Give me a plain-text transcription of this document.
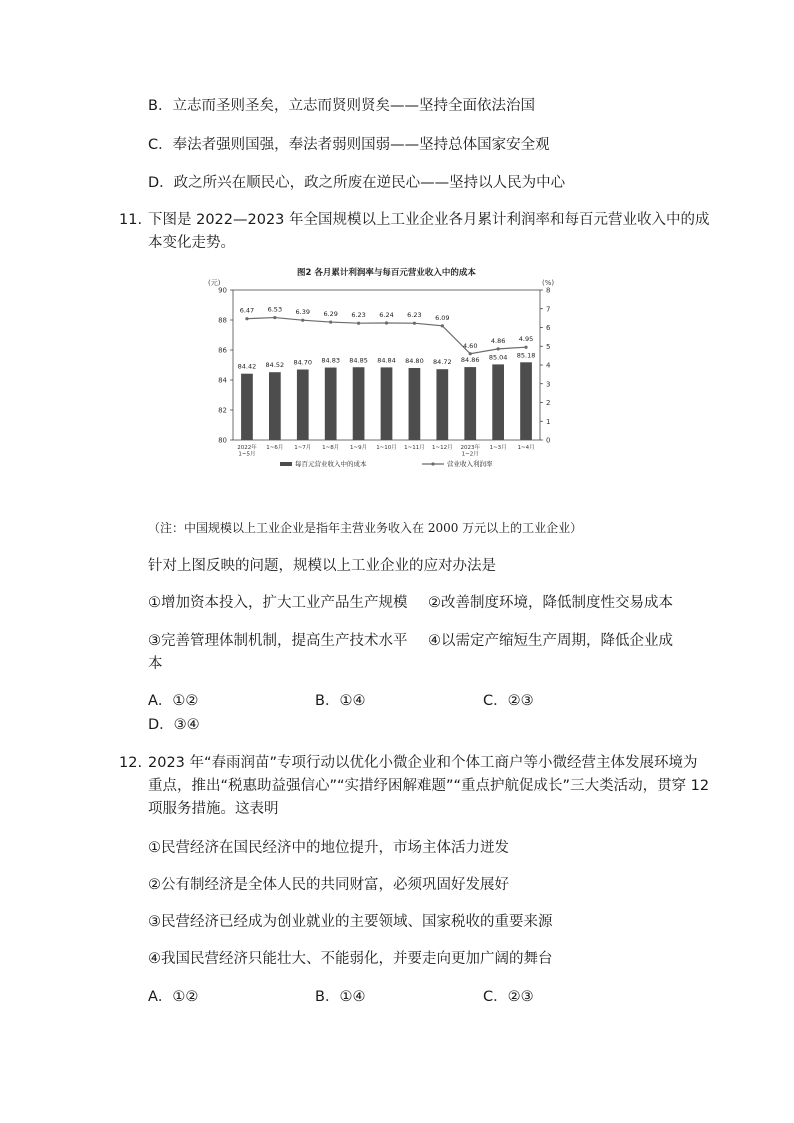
B．立志而圣则圣矣，立志而贤则贤矣——坚持全面依法治国
C．奉法者强则国强，奉法者弱则国弱——坚持总体国家安全观
D．政之所兴在顺民心，政之所废在逆民心——坚持以人民为中心
11. 下图是 2022—2023 年全国规模以上工业企业各月累计利润率和每百元营业收入中的成
本变化走势。
图2 各月累计利润率与每百元营业收入中的成本
(元)	(%)
80
82
84
86
88
90
0
1
2
3
4
5
6
7
8
84.42 84.52 84.70 84.83 84.85 84.84 84.80 84.72 84.86 85.04 85.18
6.47 6.53 6.39 6.29 6.23 6.24 6.23 6.09
4.60
4.86 4.95
2022年 1~5月
1~6月 1~7月 1~8月 1~9月 1~10月 1~11月 1~12月 2023年 1~2月
1~3月 1~4月
每百元营业收入中的成本	营业收入利润率
（注：中国规模以上工业企业是指年主营业务收入在 2000 万元以上的工业企业）
针对上图反映的问题，规模以上工业企业的应对办法是
①增加资本投入，扩大工业产品生产规模 ②改善制度环境，降低制度性交易成本
③完善管理体制机制，提高生产技术水平 ④以需定产缩短生产周期，降低企业成
本
A．①②	B．①④	C．②③
D．③④
12. 2023 年“春雨润苗”专项行动以优化小微企业和个体工商户等小微经营主体发展环境为
重点，推出“税惠助益强信心”“实措纾困解难题”“重点护航促成长”三大类活动，贯穿 12
项服务措施。这表明
①民营经济在国民经济中的地位提升，市场主体活力迸发
②公有制经济是全体人民的共同财富，必须巩固好发展好
③民营经济已经成为创业就业的主要领域、国家税收的重要来源
④我国民营经济只能壮大、不能弱化，并要走向更加广阔的舞台
A．①②	B．①④	C．②③
